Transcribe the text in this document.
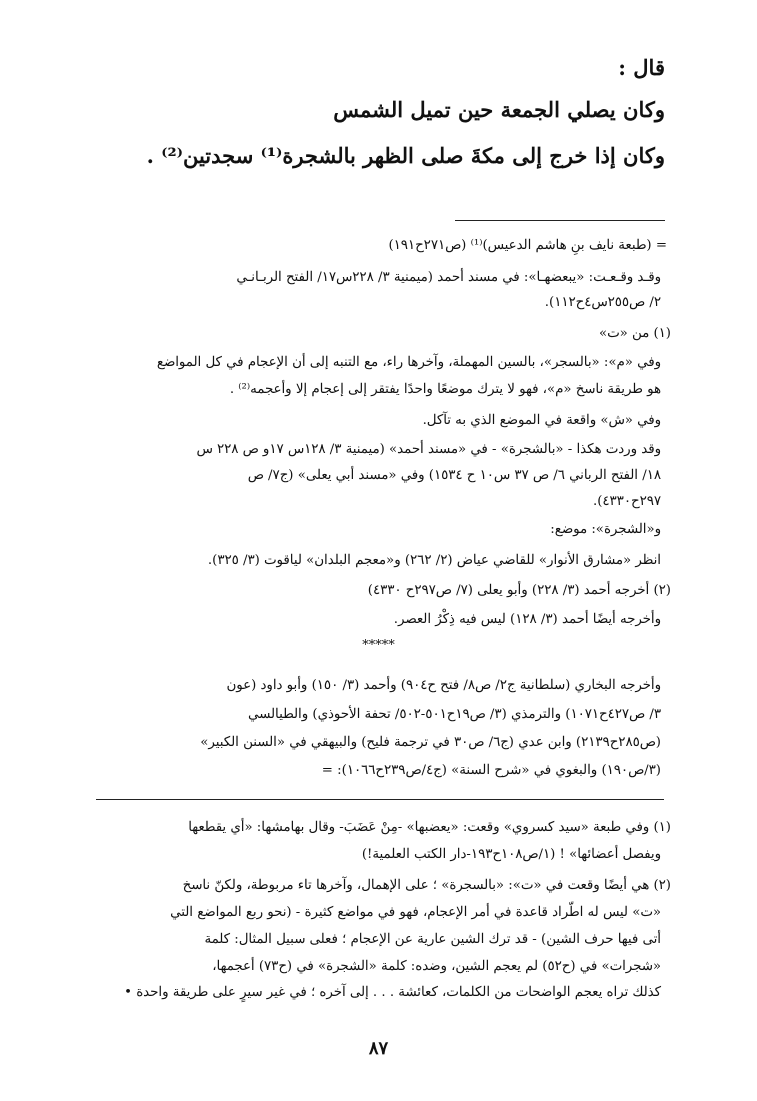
قال :
وكان يصلي الجمعة حين تميل الشمس
وكان إذا خرج إلى مكةَ صلى الظهر بالشجرة⁽¹⁾ سجدتين⁽²⁾ .
= (طبعة نايف بنِ هاشم الدعيس)⁽¹⁾ (ص٢٧١ح١٩١)
وقـد وقـعـت: «يبعضهـا»: في مسند أحمد (ميمنية ٣/ ٢٢٨س١٧/ الفتح الربـانـي
٢/ ص٢٥٥س٤ح١١٢).
(١) من «ت»
وفي «م»: «بالسجر»، بالسين المهملة، وآخرها راء، مع التنبه إلى أن الإعجام في كل المواضع
هو طريقة ناسخ «م»، فهو لا يترك موضعًا واحدًا يفتقر إلى إعجام إلا وأعجمه⁽²⁾ .
وفي «ش» واقعة في الموضع الذي به تآكل.
وقد وردت هكذا - «بالشجرة» - في «مسند أحمد» (ميمنية ٣/ ١٢٨س ١٧و ص ٢٢٨ س
١٨/ الفتح الرباني ٦/ ص ٣٧ س١٠ ح ١٥٣٤) وفي «مسند أبي يعلى» (ج٧/ ص
٢٩٧ح٤٣٣٠).
و«الشجرة»: موضع:
انظر «مشارق الأنوار» للقاضي عياض (٢/ ٢٦٢) و«معجم البلدان» لياقوت (٣/ ٣٢٥).
(٢) أخرجه أحمد (٣/ ٢٢٨) وأبو يعلى (٧/ ص٢٩٧ح ٤٣٣٠)
وأخرجه أيضًا أحمد (٣/ ١٢٨) ليس فيه ذِكْرُ العصر.
*****
وأخرجه البخاري (سلطانية ج٢/ ص٨/ فتح ح٩٠٤) وأحمد (٣/ ١٥٠) وأبو داود (عون
٣/ ص٤٢٧ح١٠٧١) والترمذي (٣/ ص١٩ح٥٠١-٥٠٢/ تحفة الأحوذي) والطيالسي
(ص٢٨٥ح٢١٣٩) وابن عدي (ج٦/ ص٣٠ في ترجمة فليح) والبيهقي في «السنن الكبير»
(٣/ص١٩٠) والبغوي في «شرح السنة» (ج٤/ص٢٣٩ح١٠٦٦): =
(١) وفي طبعة «سيد كسروي» وقعت: «يعضبها» -مِنْ عَضَبَ- وقال بهامشها: «أي يقطعها
ويفصل أعضائها» ! (١/ص١٠٨ح١٩٣-دار الكتب العلمية!)
(٢) هي أيضًا وقعت في «ت»: «بالسجرة» ؛ على الإهمال، وآخرها تاء مربوطة، ولكنّ ناسخ
«ت» ليس له اطّراد قاعدة في أمر الإعجام، فهو في مواضع كثيرة - (نحو ربع المواضع التي
أتى فيها حرف الشين) - قد ترك الشين عارية عن الإعجام ؛ فعلى سبيل المثال: كلمة
«شجرات» في (ح٥٢) لم يعجم الشين، وضده: كلمة «الشجرة» في (ح٧٣) أعجمها،
كذلك تراه يعجم الواضحات من الكلمات، كعائشة . . . إلى آخره ؛ في غير سيرٍ على طريقة واحدة •
٨٧
